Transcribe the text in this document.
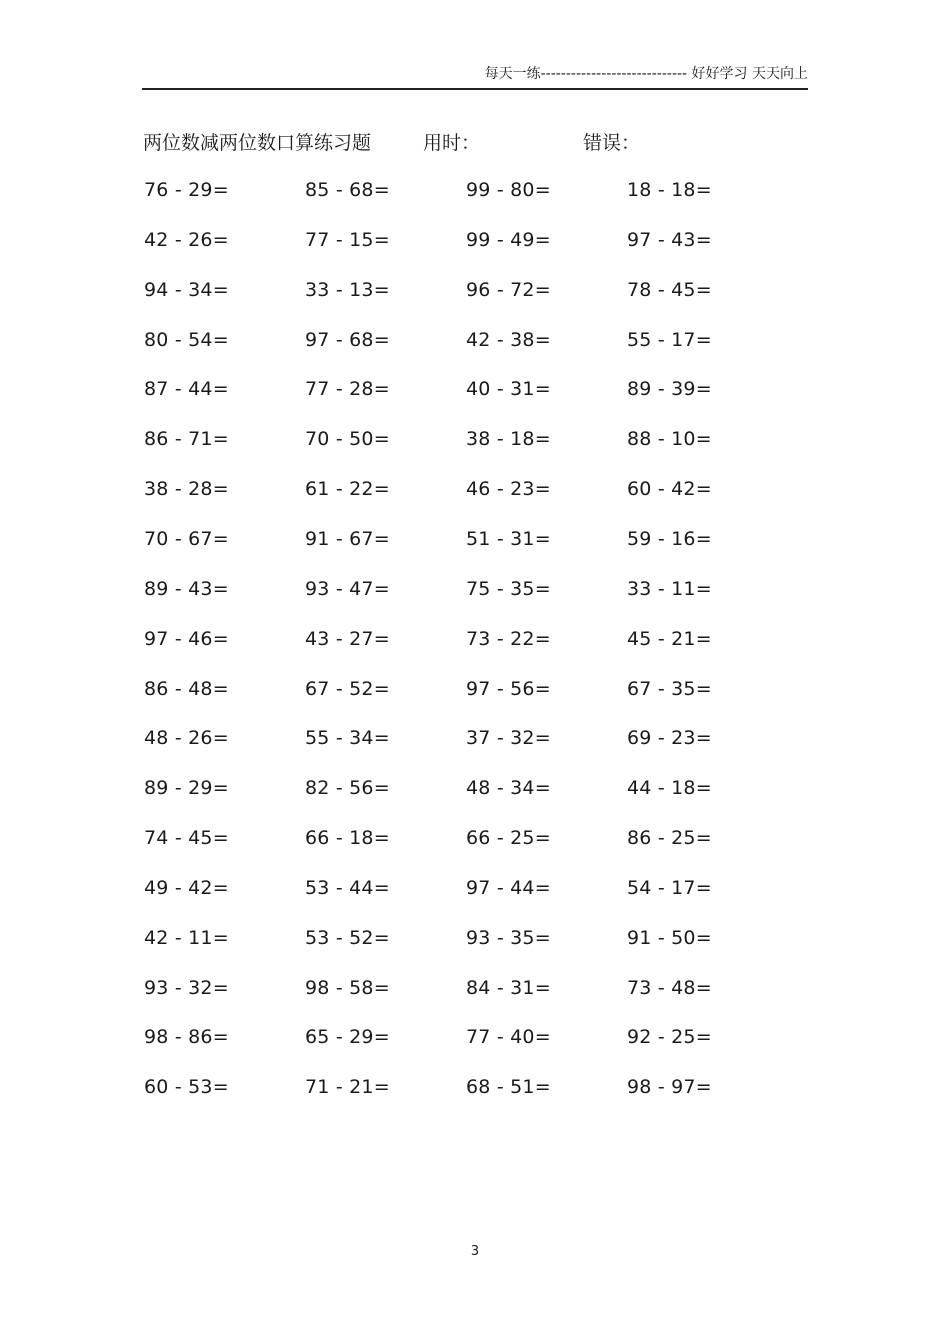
每天一练----------------------------- 好好学习 天天向上
两位数减两位数口算练习题	用时：	错误：
76 - 29=	85 - 68=	99 - 80=	18 - 18=
42 - 26=	77 - 15=	99 - 49=	97 - 43=
94 - 34=	33 - 13=	96 - 72=	78 - 45=
80 - 54=	97 - 68=	42 - 38=	55 - 17=
87 - 44=	77 - 28=	40 - 31=	89 - 39=
86 - 71=	70 - 50=	38 - 18=	88 - 10=
38 - 28=	61 - 22=	46 - 23=	60 - 42=
70 - 67=	91 - 67=	51 - 31=	59 - 16=
89 - 43=	93 - 47=	75 - 35=	33 - 11=
97 - 46=	43 - 27=	73 - 22=	45 - 21=
86 - 48=	67 - 52=	97 - 56=	67 - 35=
48 - 26=	55 - 34=	37 - 32=	69 - 23=
89 - 29=	82 - 56=	48 - 34=	44 - 18=
74 - 45=	66 - 18=	66 - 25=	86 - 25=
49 - 42=	53 - 44=	97 - 44=	54 - 17=
42 - 11=	53 - 52=	93 - 35=	91 - 50=
93 - 32=	98 - 58=	84 - 31=	73 - 48=
98 - 86=	65 - 29=	77 - 40=	92 - 25=
60 - 53=	71 - 21=	68 - 51=	98 - 97=
3
